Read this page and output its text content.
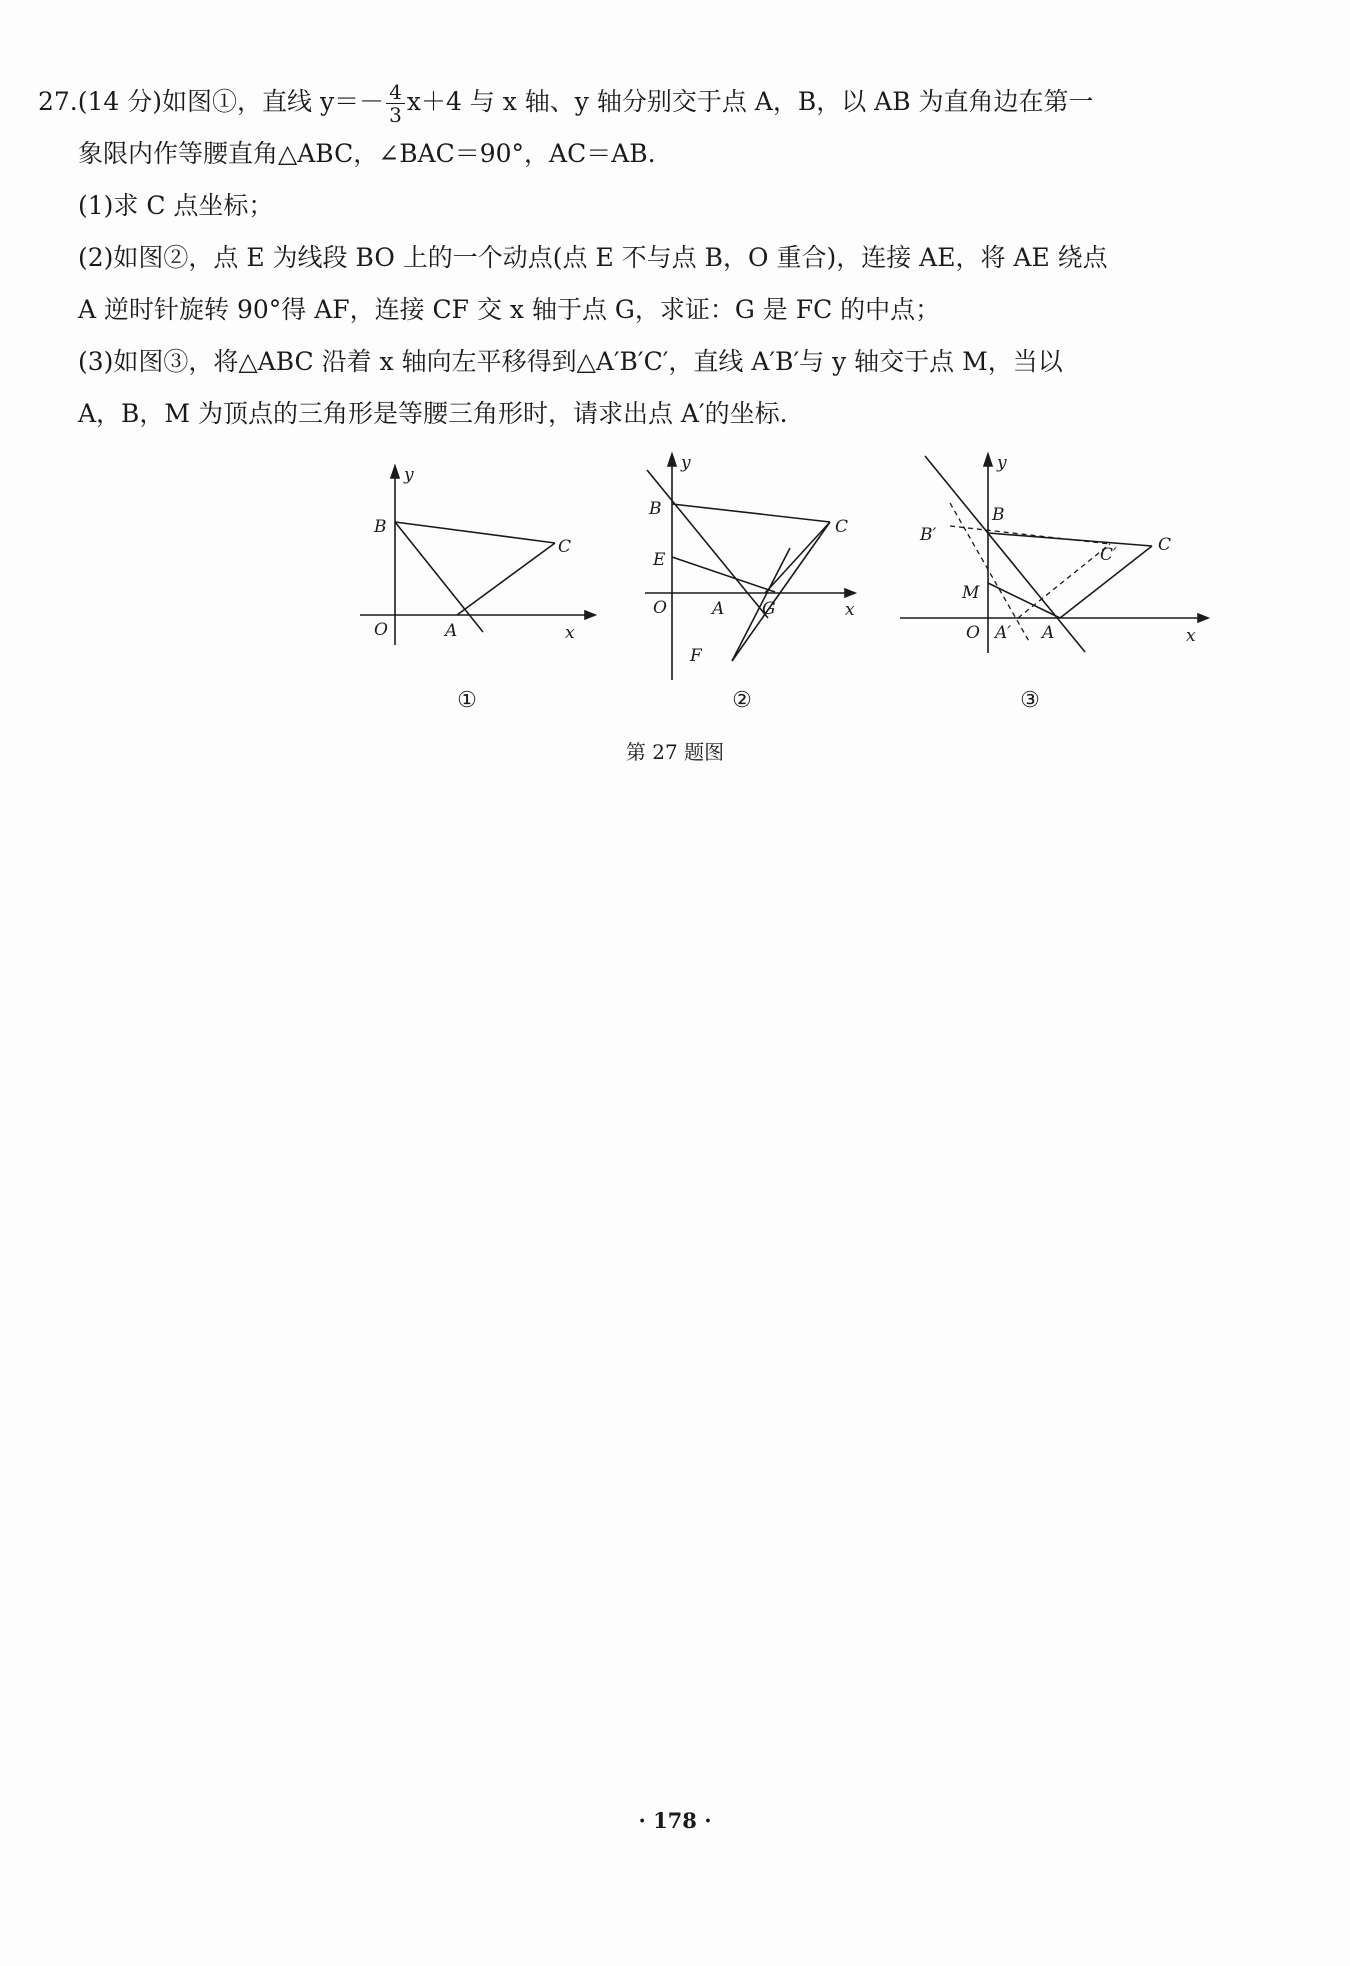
27.(14 分)如图①，直线 $y=- \frac{4}{3} x+4$ 与 x 轴、y 轴分别交于点 A，B，以 AB 为直角边在第一
象限内作等腰直角△ABC，∠BAC＝90°，AC＝AB.
(1)求 C 点坐标；
(2)如图②，点 E 为线段 BO 上的一个动点(点 E 不与点 B，O 重合)，连接 AE，将 AE 绕点
A 逆时针旋转 90°得 AF，连接 CF 交 x 轴于点 G，求证：G 是 FC 的中点；
(3)如图③，将△ABC 沿着 x 轴向左平移得到△A′B′C′，直线 A′B′与 y 轴交于点 M，当以
A，B，M 为顶点的三角形是等腰三角形时，请求出点 A′的坐标.
y
x
O	A
B
C
y
x
O	A G
B
C
E
F
y
x
O	A
A′
B
B′	C
C′
M
①	②	③
第 27 题图
· 178 ·
